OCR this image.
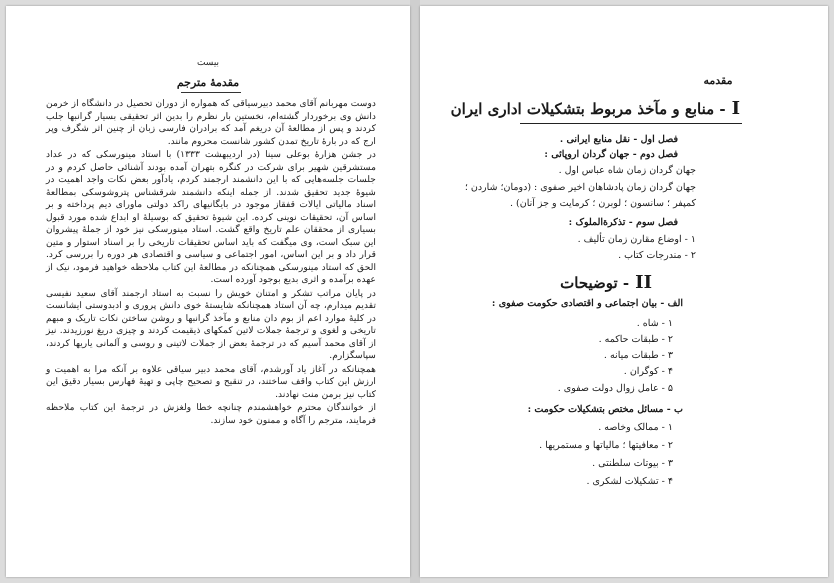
بیست
مقدمهٔ مترجم

دوست مهربانم آقای محمد دبیرسیاقی که همواره از دوران تحصیل در دانشگاه از خرمن دانش وی برخوردار گشته‌ام، نخستین بار نظرم را بدین اثر تحقیقی بسیار گرانبها جلب کردند و پس از مطالعهٔ آن دریغم آمد که برادران فارسی زبان از چنین اثر شگرف وپر ارج که در بارهٔ تاریخ تمدن کشور شانست محروم مانند.

در جشن هزارهٔ بوعلی سینا (در اردیبهشت ۱۳۳۳) با استاد مینورسکی که در عداد مستشرقین شهیر برای شرکت در کنگره بتهران آمده بودند آشنائی حاصل کردم و در جلسات جلسه‌هایی که با این دانشمند ارجمند کردم، یادآور بعض نکات واجد اهمیت در شیوهٔ جدید تحقیق شدند. از جمله اینکه دانشمند شرقشناس پتروشوسکی بمطالعهٔ اسناد مالیاتی ایالات قفقاز موجود در بایگانیهای راکد دولتی ماورای دیم پرداخته و بر اساس آن، تحقیقات نوینی کرده. این شیوهٔ تحقیق که بوسیلهٔ او ابداع شده مورد قبول بسیاری از محققان علم تاریخ واقع گشت. استاد مینورسکی نیز خود از جملهٔ پیشروان این سبک است، وی میگفت که باید اساس تحقیقات تاریخی را بر اسناد استوار و متین قرار داد و بر این اساس، امور اجتماعی و سیاسی و اقتصادی هر دوره را بررسی کرد. الحق که استاد مینورسکی همچنانکه در مطالعهٔ این کتاب ملاحظه خواهید فرمود، نیک از عهده برآمده و اثری بدیع بوجود آورده است.

در پایان مراتب تشکر و امتنان خویش را نسبت به استاد ارجمند آقای سعید نفیسی تقدیم میدارم، چه آن استاد همچنانکه شایستهٔ خوی دانش پروری و ادبدوستی ایشانست در کلیهٔ موارد اعم از بوم دان منابع و مآخذ گرانبها و روشن ساختن نکات تاریک و مبهم تاریخی و لغوی و ترجمهٔ جملات لاتین کمکهای ذیقیمت کردند و چیزی دریغ نورزیدند. نیز از آقای محمد آسیم که در ترجمهٔ بعض از جملات لاتینی و روسی و آلمانی یاریها کردند، سپاسگزارم.

همچنانکه در آغاز یاد آورشدم، آقای محمد دبیر سیاقی علاوه بر آنکه مرا به اهمیت و ارزش این کتاب واقف ساختند، در تنقیح و تصحیح چاپی و تهیهٔ فهارس بسیار دقیق این کتاب نیز برمن منت نهادند.

از خوانندگان محترم خواهشمندم چنانچه خطا ولغزش در ترجمهٔ این کتاب ملاحظه فرمایند، مترجم را آگاه و ممنون خود سازند.

مقدمه
I- منابع و مآخذ مربوط بتشکیلات اداری ایران
فصل اول - نقل منابع ایرانی .
فصل دوم - جهان گردان اروپائی :
جهان گردان زمان شاه عباس اول .
جهان گردان زمان پادشاهان اخیر صفوی : (دومان؛ شاردن ؛
کمپفر ؛ سانسون ؛ لوبرن ؛ کرمایت و جز آنان) .
فصل سوم - تذکرةالملوک :
۱ - اوضاع مقارن زمان تألیف .
۲ - مندرجات کتاب .
II- توضیحات
الف - بیان اجتماعی و اقتصادی حکومت صفوی :
۱ - شاه .
۲ - طبقات حاکمه .
۳ - طبقات میانه .
۴ - کوگران .
۵ - عامل زوال دولت صفوی .
ب - مسائل مختص بتشکیلات حکومت :
۱ - ممالک وخاصه .
۲ - معافیتها ؛ مالیاتها و مستمریها .
۳ - بیوتات سلطنتی .
۴ - تشکیلات لشکری .
